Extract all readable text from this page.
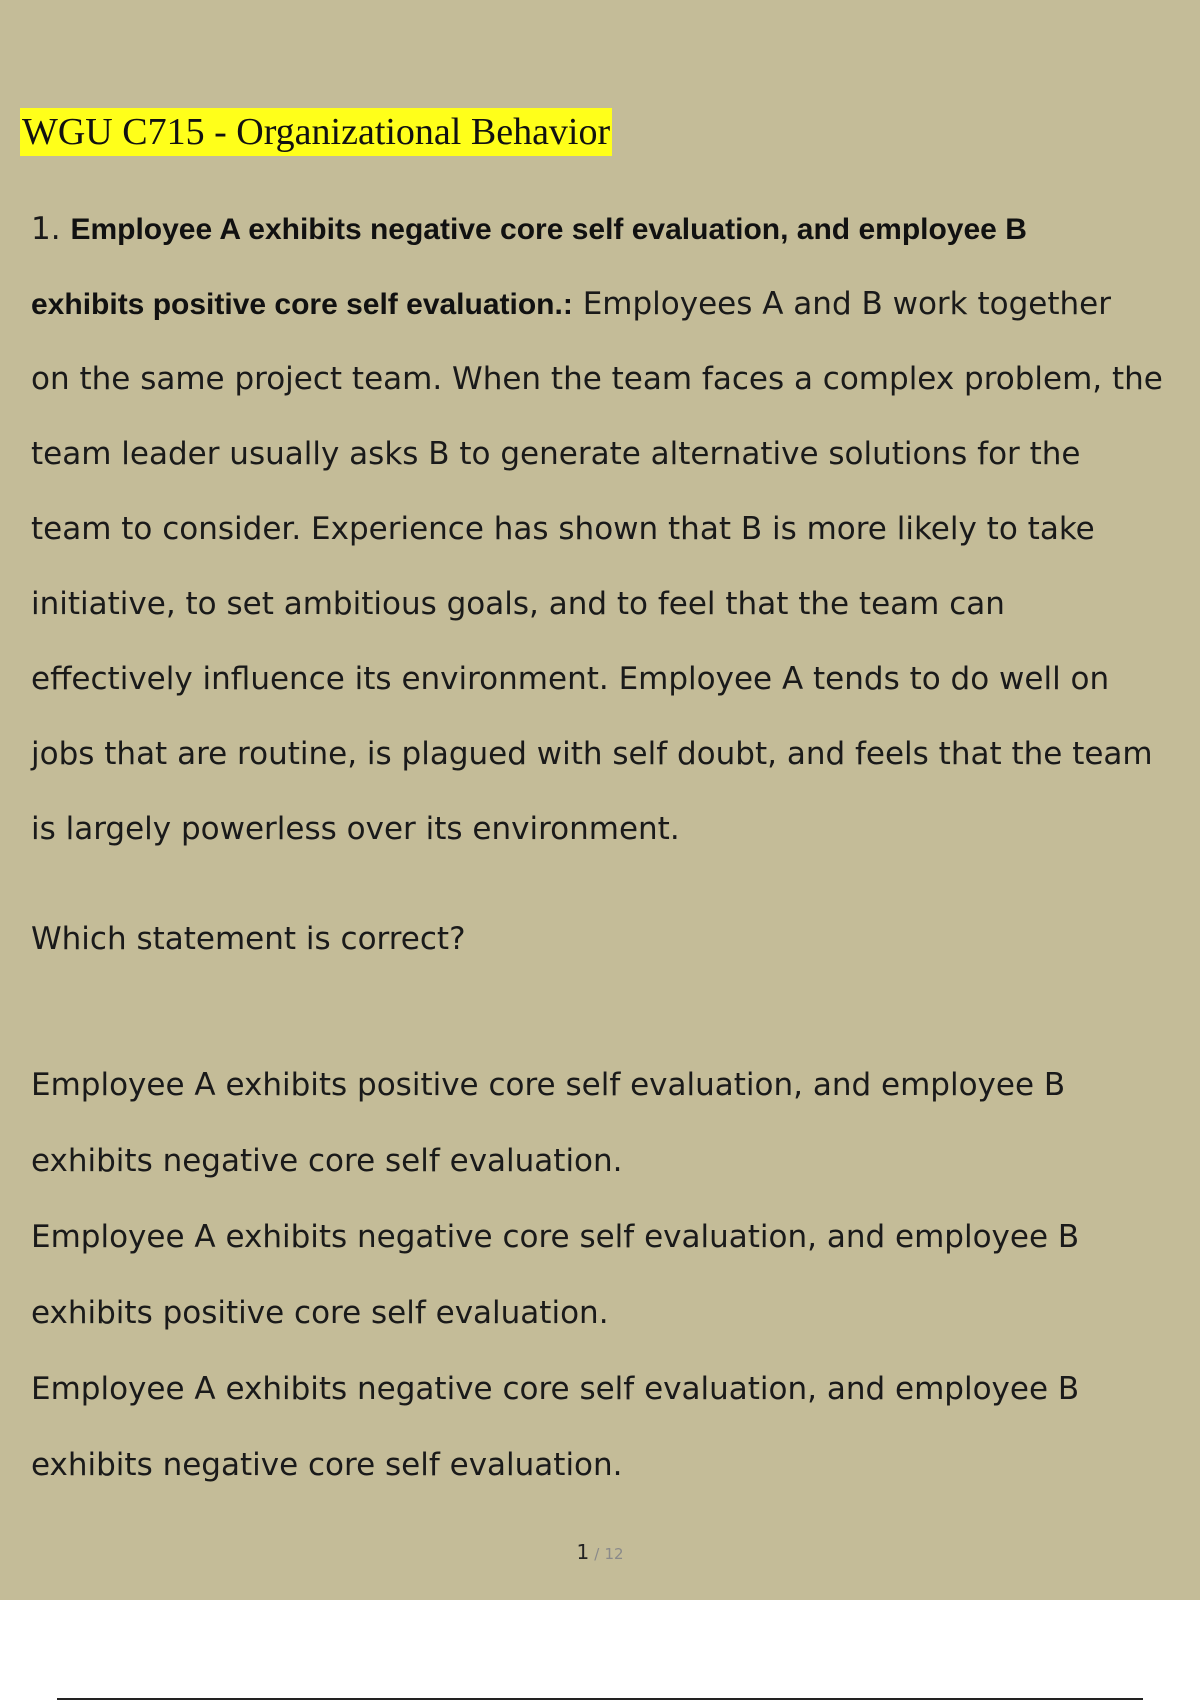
WGU C715 - Organizational Behavior
1. Employee A exhibits negative core self evaluation, and employee B
exhibits positive core self evaluation.: Employees A and B work together
on the same project team. When the team faces a complex problem, the
team leader usually asks B to generate alternative solutions for the
team to consider. Experience has shown that B is more likely to take
initiative, to set ambitious goals, and to feel that the team can
effectively influence its environment. Employee A tends to do well on
jobs that are routine, is plagued with self doubt, and feels that the team
is largely powerless over its environment.
Which statement is correct?
Employee A exhibits positive core self evaluation, and employee B
exhibits negative core self evaluation.
Employee A exhibits negative core self evaluation, and employee B
exhibits positive core self evaluation.
Employee A exhibits negative core self evaluation, and employee B
exhibits negative core self evaluation.
1 / 12
